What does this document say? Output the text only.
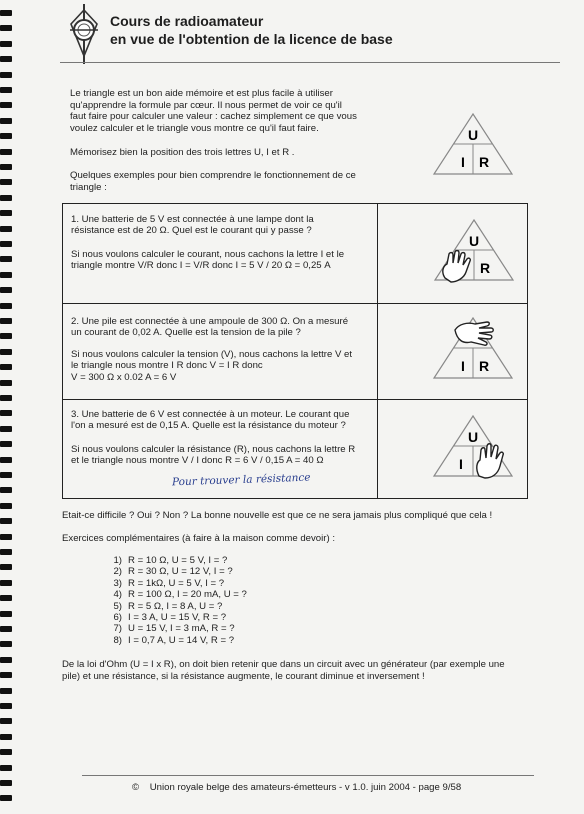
Cours de radioamateur
en vue de l'obtention de la licence de base
Le triangle est un bon aide mémoire et est plus facile à utiliser
qu'apprendre la formule par cœur. Il nous permet de voir ce qu'il
faut faire pour calculer une valeur : cachez simplement ce que vous
voulez calculer et le triangle vous montre ce qu'il faut faire.
Mémorisez bien la position des trois lettres U, I et R .
Quelques exemples pour bien comprendre le fonctionnement de ce
triangle :
U
I R
1. Une batterie de 5 V est connectée à une lampe dont la
résistance est de 20 Ω. Quel est le courant qui y passe ?
Si nous voulons calculer le courant, nous cachons la lettre I et le
triangle montre V/R donc I = V/R donc I = 5 V / 20 Ω = 0,25 A
U
R
2. Une pile est connectée à une ampoule de 300 Ω. On a mesuré
un courant de 0,02 A. Quelle est la tension de la pile ?
Si nous voulons calculer la tension (V), nous cachons la lettre V et
le triangle nous montre I R donc V = I R donc
V = 300 Ω x 0.02 A = 6 V
I R
3. Une batterie de 6 V est connectée à un moteur. Le courant que
l'on a mesuré est de 0,15 A. Quelle est la résistance du moteur ?
Si nous voulons calculer la résistance (R), nous cachons la lettre R
et le triangle nous montre V / I donc R = 6 V / 0,15 A = 40 Ω
U
I
Pour trouver la résistance
Etait-ce difficile ? Oui ? Non ? La bonne nouvelle est que ce ne sera jamais plus compliqué que cela !
Exercices complémentaires (à faire à la maison comme devoir) :
1) R = 10 Ω, U = 5 V, I = ?
2) R = 30 Ω, U = 12 V, I = ?
3) R = 1kΩ, U = 5 V, I = ?
4) R = 100 Ω, I = 20 mA, U = ?
5) R = 5 Ω, I = 8 A, U = ?
6) I = 3 A, U = 15 V, R = ?
7) U = 15 V, I = 3 mA, R = ?
8) I = 0,7 A, U = 14 V, R = ?
De la loi d'Ohm (U = I x R), on doit bien retenir que dans un circuit avec un générateur (par exemple une
pile) et une résistance, si la résistance augmente, le courant diminue et inversement !
© Union royale belge des amateurs-émetteurs - v 1.0. juin 2004 - page 9/58
